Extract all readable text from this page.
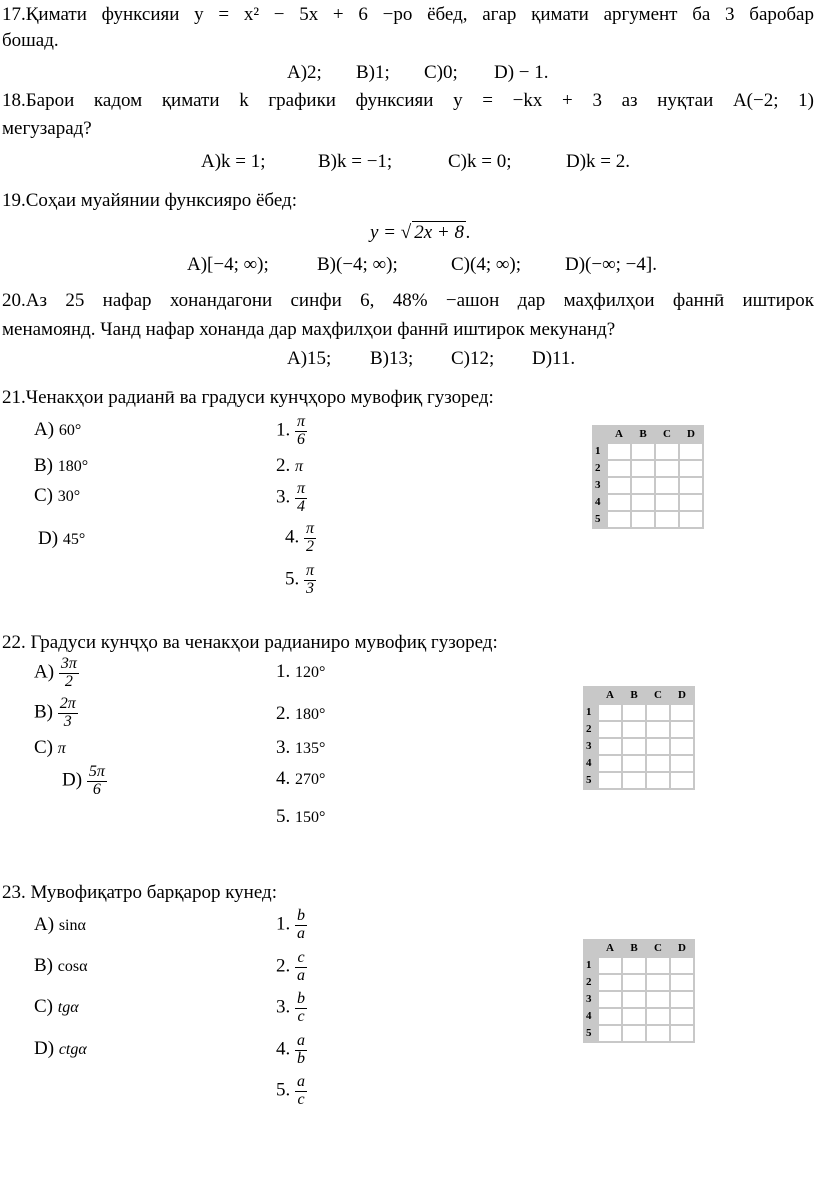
17.Қимати функсияи y = x² − 5x + 6 −ро ёбед, агар қимати аргумент ба 3 баробар
бошад.
A)2; B)1; C)0; D) − 1.
18.Барои кадом қимати k графики функсияи y = −kx + 3 аз нуқтаи A(−2; 1)
мегузарад?
A)k = 1;	B)k = −1;	C)k = 0;	D)k = 2.
19.Соҳаи муайянии функсияро ёбед:
y = √ 2x + 8 .
A)[−4; ∞);	B)(−4; ∞);	C)(4; ∞); D)(−∞; −4].
20.Аз 25 нафар хонандагони синфи 6, 48% −ашон дар маҳфилҳои фаннӣ иштирок
менамоянд. Чанд нафар хонанда дар маҳфилҳои фаннӣ иштирок мекунанд?
A)15; B)13; C)12; D)11.
21.Ченакҳои радианӣ ва градуси кунҷҳоро мувофиқ гузоред:
A) 60°
B) 180°
C) 30°
D) 45°
1. $\frac{\pi}{6}$
2. π
3. $\frac{\pi}{4}$
4. $\frac{\pi}{2}$
5. $\frac{\pi}{3}$
	A	B	C	D
1				
2				
3				
4				
5				
22. Градуси кунҷҳо ва ченакҳои радианиро мувофиқ гузоред:
$A) \frac{3\pi}{2}$
$B) \frac{2\pi}{3}$
C) π
$D) \frac{5\pi}{6}$
1. 120°
2. 180°
3. 135°
4. 270°
5. 150°
	A	B	C	D
1				
2				
3				
4				
5				
23. Мувофиқатро барқарор кунед:
A) sinα
B) cosα
C) tgα
D) ctgα
1. $\frac{b}{a}$
2. $\frac{c}{a}$
3. $\frac{b}{c}$
4. $\frac{a}{b}$
5. $\frac{a}{c}$
	A	B	C	D
1				
2				
3				
4				
5				
